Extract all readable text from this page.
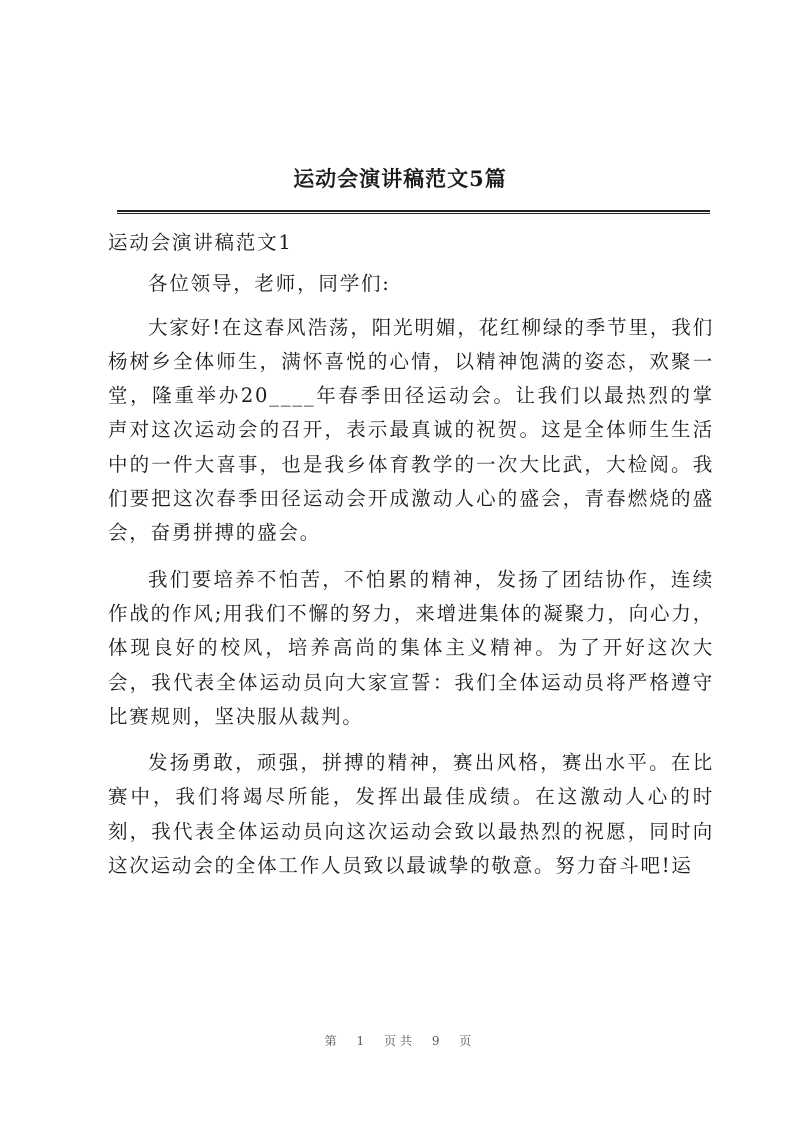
运动会演讲稿范文5篇
运动会演讲稿范文1

各位领导，老师，同学们:

大家好!在这春风浩荡，阳光明媚，花红柳绿的季节里，我们杨树乡全体师生，满怀喜悦的心情，以精神饱满的姿态，欢聚一堂，隆重举办20____年春季田径运动会。让我们以最热烈的掌声对这次运动会的召开，表示最真诚的祝贺。这是全体师生生活中的一件大喜事，也是我乡体育教学的一次大比武，大检阅。我们要把这次春季田径运动会开成激动人心的盛会，青春燃烧的盛会，奋勇拼搏的盛会。

我们要培养不怕苦，不怕累的精神，发扬了团结协作，连续作战的作风;用我们不懈的努力，来增进集体的凝聚力，向心力，体现良好的校风，培养高尚的集体主义精神。为了开好这次大会，我代表全体运动员向大家宣誓：我们全体运动员将严格遵守比赛规则，坚决服从裁判。

发扬勇敢，顽强，拼搏的精神，赛出风格，赛出水平。在比赛中，我们将竭尽所能，发挥出最佳成绩。在这激动人心的时刻，我代表全体运动员向这次运动会致以最热烈的祝愿，同时向这次运动会的全体工作人员致以最诚挚的敬意。努力奋斗吧!运

第 1 页共 9 页
